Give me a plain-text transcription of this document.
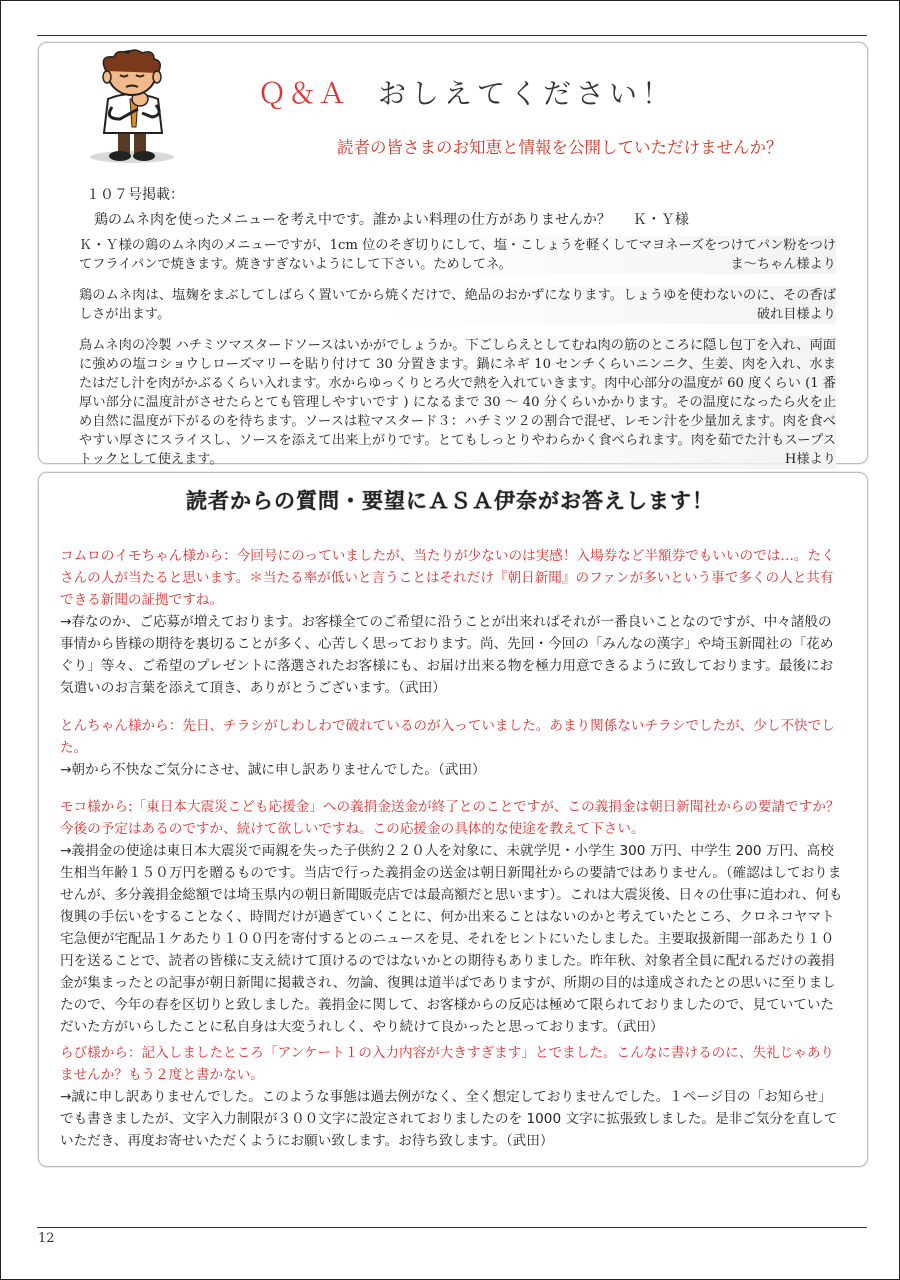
Ｑ＆Ａ おしえてください！
読者の皆さまのお知恵と情報を公開していただけませんか？
１０７号掲載：
鶏のムネ肉を使ったメニューを考え中です。誰かよい料理の仕方がありませんか？ Ｋ・Ｙ様
Ｋ・Ｙ様の鶏のムネ肉のメニューですが、1cm 位のそぎ切りにして、塩・こしょうを軽くしてマヨネーズをつけてパン粉をつけてフライパンで焼きます。焼きすぎないようにして下さい。ためしてネ。	ま〜ちゃん様より
鶏のムネ肉は、塩麹をまぶしてしばらく置いてから焼くだけで、絶品のおかずになります。しょうゆを使わないのに、その香ばしさが出ます。	破れ目様より
鳥ムネ肉の冷製 ハチミツマスタードソースはいかがでしょうか。下ごしらえとしてむね肉の筋のところに隠し包丁を入れ、両面に強めの塩コショウしローズマリーを貼り付けて 30 分置きます。鍋にネギ 10 センチくらいニンニク、生姜、肉を入れ、水またはだし汁を肉がかぶるくらい入れます。水からゆっくりとろ火で熱を入れていきます。肉中心部分の温度が 60 度くらい (1 番厚い部分に温度計がさせたらとても管理しやすいです ) になるまで 30 〜 40 分くらいかかります。その温度になったら火を止め自然に温度が下がるのを待ちます。ソースは粒マスタード３：ハチミツ２の割合で混ぜ、レモン汁を少量加えます。肉を食べやすい厚さにスライスし、ソースを添えて出来上がりです。とてもしっとりやわらかく食べられます。肉を茹でた汁もスープストックとして使えます。	H様より
読者からの質問・要望にＡＳＡ伊奈がお答えします！
コムロのイモちゃん様から：今回号にのっていましたが、当たりが少ないのは実感！入場券など半額券でもいいのでは…。たくさんの人が当たると思います。＊当たる率が低いと言うことはそれだけ『朝日新聞』のファンが多いという事で多くの人と共有できる新聞の証拠ですね。
→春なのか、ご応募が増えております。お客様全てのご希望に沿うことが出来ればそれが一番良いことなのですが、中々諸般の事情から皆様の期待を裏切ることが多く、心苦しく思っております。尚、先回・今回の「みんなの漢字」や埼玉新聞社の「花めぐり」等々、ご希望のプレゼントに落選されたお客様にも、お届け出来る物を極力用意できるように致しております。最後にお気遣いのお言葉を添えて頂き、ありがとうございます。（武田）
とんちゃん様から：先日、チラシがしわしわで破れているのが入っていました。あまり関係ないチラシでしたが、少し不快でした。
→朝から不快なご気分にさせ、誠に申し訳ありませんでした。（武田）
モコ様から:「東日本大震災こども応援金」への義捐金送金が終了とのことですが、この義捐金は朝日新聞社からの要請ですか？今後の予定はあるのですか、続けて欲しいですね。この応援金の具体的な使途を教えて下さい。
→義捐金の使途は東日本大震災で両親を失った子供約２２０人を対象に、未就学児・小学生 300 万円、中学生 200 万円、高校生相当年齢１５０万円を贈るものです。当店で行った義捐金の送金は朝日新聞社からの要請ではありません。（確認はしておりませんが、多分義捐金総額では埼玉県内の朝日新聞販売店では最高額だと思います）。これは大震災後、日々の仕事に追われ、何も復興の手伝いをすることなく、時間だけが過ぎていくことに、何か出来ることはないのかと考えていたところ、クロネコヤマト宅急便が宅配品１ケあたり１００円を寄付するとのニュースを見、それをヒントにいたしました。主要取扱新聞一部あたり１０円を送ることで、読者の皆様に支え続けて頂けるのではないかとの期待もありました。昨年秋、対象者全員に配れるだけの義捐金が集まったとの記事が朝日新聞に掲載され、勿論、復興は道半ばでありますが、所期の目的は達成されたとの思いに至りましたので、今年の春を区切りと致しました。義捐金に関して、お客様からの反応は極めて限られておりましたので、見ていていただいた方がいらしたことに私自身は大変うれしく、やり続けて良かったと思っております。（武田）
らび様から：記入しましたところ「アンケート１の入力内容が大きすぎます」とでました。こんなに書けるのに、失礼じゃありませんか？もう２度と書かない。
→誠に申し訳ありませんでした。このような事態は過去例がなく、全く想定しておりませんでした。１ページ目の「お知らせ」でも書きましたが、文字入力制限が３００文字に設定されておりましたのを 1000 文字に拡張致しました。是非ご気分を直していただき、再度お寄せいただくようにお願い致します。お待ち致します。（武田）
12
